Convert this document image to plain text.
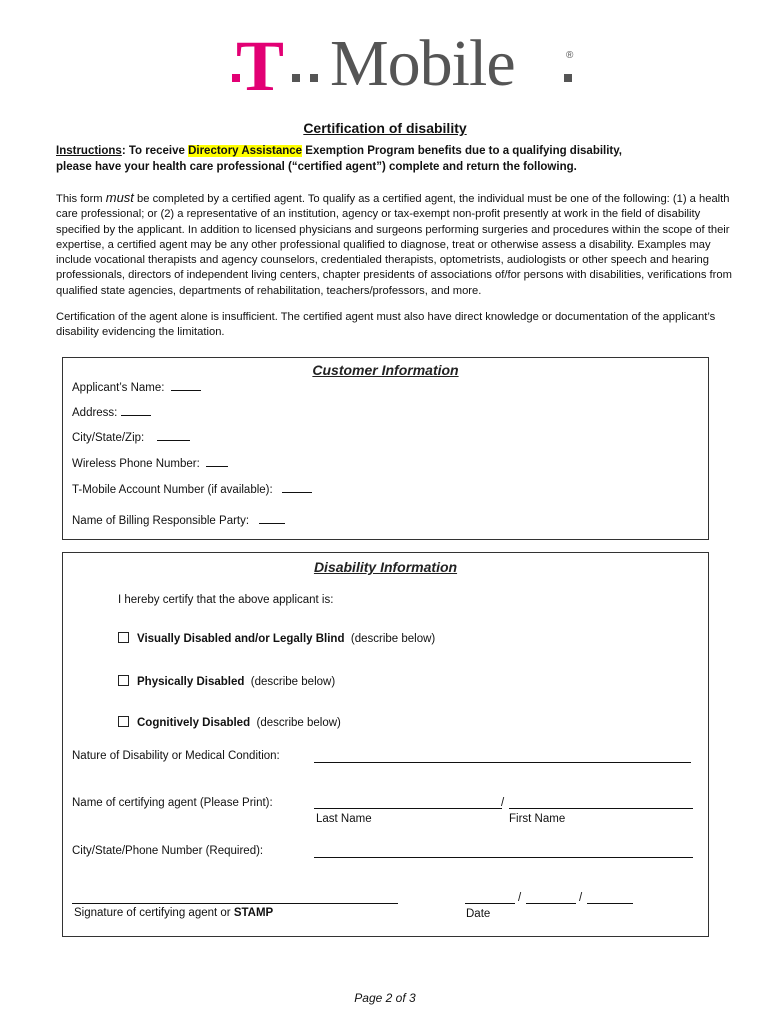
T Mobile	®
Certification of disability
Instructions: To receive Directory Assistance Exemption Program benefits due to a qualifying disability,
please have your health care professional (“certified agent”) complete and return the following.
This form must be completed by a certified agent. To qualify as a certified agent, the individual must be one of the following: (1) a health care professional; or (2) a representative of an institution, agency or tax-exempt non-profit presently at work in the field of disability specified by the applicant. In addition to licensed physicians and surgeons performing surgeries and procedures within the scope of their expertise, a certified agent may be any other professional qualified to diagnose, treat or otherwise assess a disability. Examples may include vocational therapists and agency counselors, credentialed therapists, optometrists, audiologists or other speech and hearing professionals, directors of independent living centers, chapter presidents of associations of/for persons with disabilities, verifications from qualified state agencies, departments of rehabilitation, teachers/professors, and more.
Certification of the agent alone is insufficient. The certified agent must also have direct knowledge or documentation of the applicant’s disability evidencing the limitation.
Customer Information
Applicant’s Name:
Address:
City/State/Zip:
Wireless Phone Number:
T-Mobile Account Number (if available):
Name of Billing Responsible Party:
Disability Information
I hereby certify that the above applicant is:
Visually Disabled and/or Legally Blind (describe below)
Physically Disabled (describe below)
Cognitively Disabled (describe below)
Nature of Disability or Medical Condition:
Name of certifying agent (Please Print):	/
Last Name	First Name
City/State/Phone Number (Required):
Signature of certifying agent or STAMP
/	/
Date
Page 2 of 3
